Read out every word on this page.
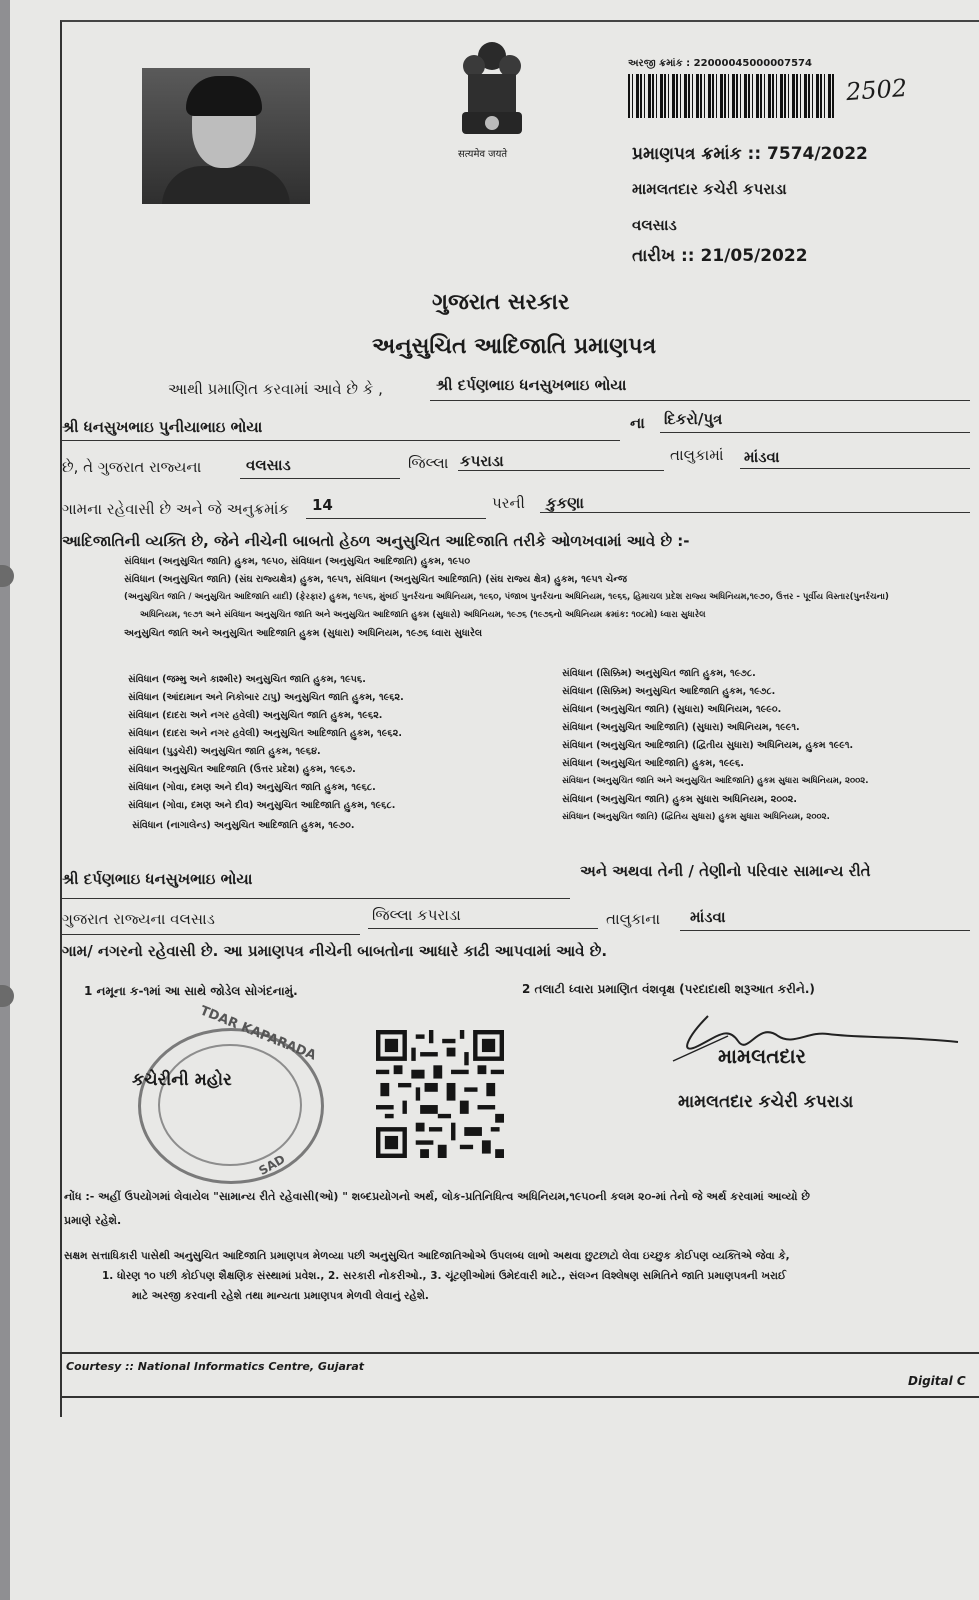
सत्यमेव जयते
અરજી ક્રમાંક : 22000045000007574
2502
પ્રમાણપત્ર ક્રમાંક :: 7574/2022
મામલતદાર કચેરી કપરાડા
વલસાડ
તારીખ :: 21/05/2022
ગુજરાત સરકાર
અનુસુચિત આદિજાતિ પ્રમાણપત્ર
આથી પ્રમાણિત કરવામાં આવે છે કે ,	શ્રી દર્પણભાઇ ધનસુખભાઇ ભોયા
શ્રી ધનસુખભાઇ પુનીયાભાઇ ભોયા	ના દિકરો/પુત્ર
છે, તે ગુજરાત રાજ્યના	વલસાડ	જિલ્લા કપરાડા	તાલુકામાં માંડવા
ગામના રહેવાસી છે અને જે અનુક્રમાંક 14	પરની કુકણા
આદિજાતિની વ્યક્તિ છે, જેને નીચેની બાબતો હેઠળ અનુસુચિત આદિજાતિ તરીકે ઓળખવામાં આવે છે :-
સંવિધાન (અનુસુચિત જાતિ) હુકમ, ૧૯૫૦, સંવિધાન (અનુસુચિત આદિજાતિ) હુકમ, ૧૯૫૦
સંવિધાન (અનુસુચિત જાતિ) (સંઘ રાજ્યક્ષેત્ર) હુકમ, ૧૯૫૧, સંવિધાન (અનુસુચિત આદિજાતિ) (સંઘ રાજ્ય ક્ષેત્ર) હુકમ, ૧૯૫૧ ચેન્જ
(અનુસુચિત જાતિ / અનુસુચિત આદિજાતિ યાદી) (ફેરફાર) હુકમ, ૧૯૫૬, મુંબઈ પુનર્રચના અધિનિયમ, ૧૯૬૦, પંજાબ પુનર્રચના અધિનિયમ, ૧૯૬૬, હિમાચલ પ્રદેશ રાજ્ય અધિનિયમ,૧૯૭૦, ઉત્તર - પૂર્વીય વિસ્તાર(પુનર્રચના)
અધિનિયમ, ૧૯૭૧ અને સંવિધાન અનુસુચિત જાતિ અને અનુસુચિત આદિજાતિ હુકમ (સુધારો) અધિનિયમ, ૧૯૭૬ (૧૯૭૬નો અધિનિયમ ક્રમાંક: ૧૦૮મો) ધ્વારા સુધારેલ
અનુસુચિત જાતિ અને અનુસુચિત આદિજાતિ હુકમ (સુધારા) અધિનિયમ, ૧૯૭૬ ધ્વારા સુધારેલ
સંવિધાન (જમ્મુ અને કાશ્મીર) અનુસુચિત જાતિ હુકમ, ૧૯૫૬.
સંવિધાન (આંદામાન અને નિકોબાર ટાપુ) અનુસુચિત જાતિ હુકમ, ૧૯૬૨.
સંવિધાન (દાદરા અને નગર હવેલી) અનુસુચિત જાતિ હુકમ, ૧૯૬૨.
સંવિધાન (દાદરા અને નગર હવેલી) અનુસુચિત આદિજાતિ હુકમ, ૧૯૬૨.
સંવિધાન (પુડુચેરી) અનુસુચિત જાતિ હુકમ, ૧૯૬૪.
સંવિધાન અનુસુચિત આદિજાતિ (ઉત્તર પ્રદેશ) હુકમ, ૧૯૬૭.
સંવિધાન (ગોવા, દમણ અને દીવ) અનુસુચિત જાતિ હુકમ, ૧૯૬૮.
સંવિધાન (ગોવા, દમણ અને દીવ) અનુસુચિત આદિજાતિ હુકમ, ૧૯૬૮.
સંવિધાન (નાગાલેન્ડ) અનુસુચિત આદિજાતિ હુકમ, ૧૯૭૦.
સંવિધાન (સિક્કિમ) અનુસુચિત જાતિ હુકમ, ૧૯૭૮.
સંવિધાન (સિક્કિમ) અનુસુચિત આદિજાતિ હુકમ, ૧૯૭૮.
સંવિધાન (અનુસુચિત જાતિ) (સુધારા) અધિનિયમ, ૧૯૯૦.
સંવિધાન (અનુસુચિત આદિજાતિ) (સુધારા) અધિનિયમ, ૧૯૯૧.
સંવિધાન (અનુસુચિત આદિજાતિ) (દ્વિતીય સુધારા) અધિનિયમ, હુકમ ૧૯૯૧.
સંવિધાન (અનુસુચિત આદિજાતિ) હુકમ, ૧૯૯૬.
સંવિધાન (અનુસુચિત જાતિ અને અનુસુચિત આદિજાતિ) હુકમ સુધારા અધિનિયમ, ૨૦૦૨.
સંવિધાન (અનુસુચિત જાતિ) હુકમ સુધારા અધિનિયમ, ૨૦૦૨.
સંવિધાન (અનુસુચિત જાતિ) (દ્વિતિય સુધારા) હુકમ સુધારા અધિનિયમ, ૨૦૦૨.
શ્રી દર્પણભાઇ ધનસુખભાઇ ભોયા	અને અથવા તેની / તેણીનો પરિવાર સામાન્ય રીતે
ગુજરાત રાજ્યના વલસાડ	જિલ્લા કપરાડા	તાલુકાના માંડવા
ગામ/ નગરનો રહેવાસી છે. આ પ્રમાણપત્ર નીચેની બાબતોના આધારે કાઢી આપવામાં આવે છે.
1 નમૂના ક-૧માં આ સાથે જોડેલ સોગંદનામું.	2 તલાટી ધ્વારા પ્રમાણિત વંશવૃક્ષ (પરદાદાથી શરૂઆત કરીને.)
TDAR KAPARADA
કચેરીની મહોર
SAD
મામલતદાર
મામલતદાર કચેરી કપરાડા
નોંધ :- અહીં ઉપયોગમાં લેવાયેલ "સામાન્ય રીતે રહેવાસી(ઓ) " શબ્દપ્રયોગનો અર્થ, લોક-પ્રતિનિધિત્વ અધિનિયમ,૧૯૫૦ની કલમ ૨૦-માં તેનો જે અર્થ કરવામાં આવ્યો છે
પ્રમાણે રહેશે.
સક્ષમ સત્તાધિકારી પાસેથી અનુસુચિત આદિજાતિ પ્રમાણપત્ર મેળવ્યા પછી અનુસુચિત આદિજાતિઓએ ઉપલબ્ધ લાભો અથવા છુટછાટો લેવા ઇચ્છુક કોઈપણ વ્યક્તિએ જેવા કે,
1. ધોરણ ૧૦ પછી કોઈપણ શૈક્ષણિક સંસ્થામાં પ્રવેશ., 2. સરકારી નોકરીઓ., 3. ચૂંટણીઓમાં ઉમેદવારી માટે., સંલગ્ન વિશ્લેષણ સમિતિને જાતિ પ્રમાણપત્રની ખરાઈ
માટે અરજી કરવાની રહેશે તથા માન્યતા પ્રમાણપત્ર મેળવી લેવાનું રહેશે.
Courtesy :: National Informatics Centre, Gujarat
Digital C
